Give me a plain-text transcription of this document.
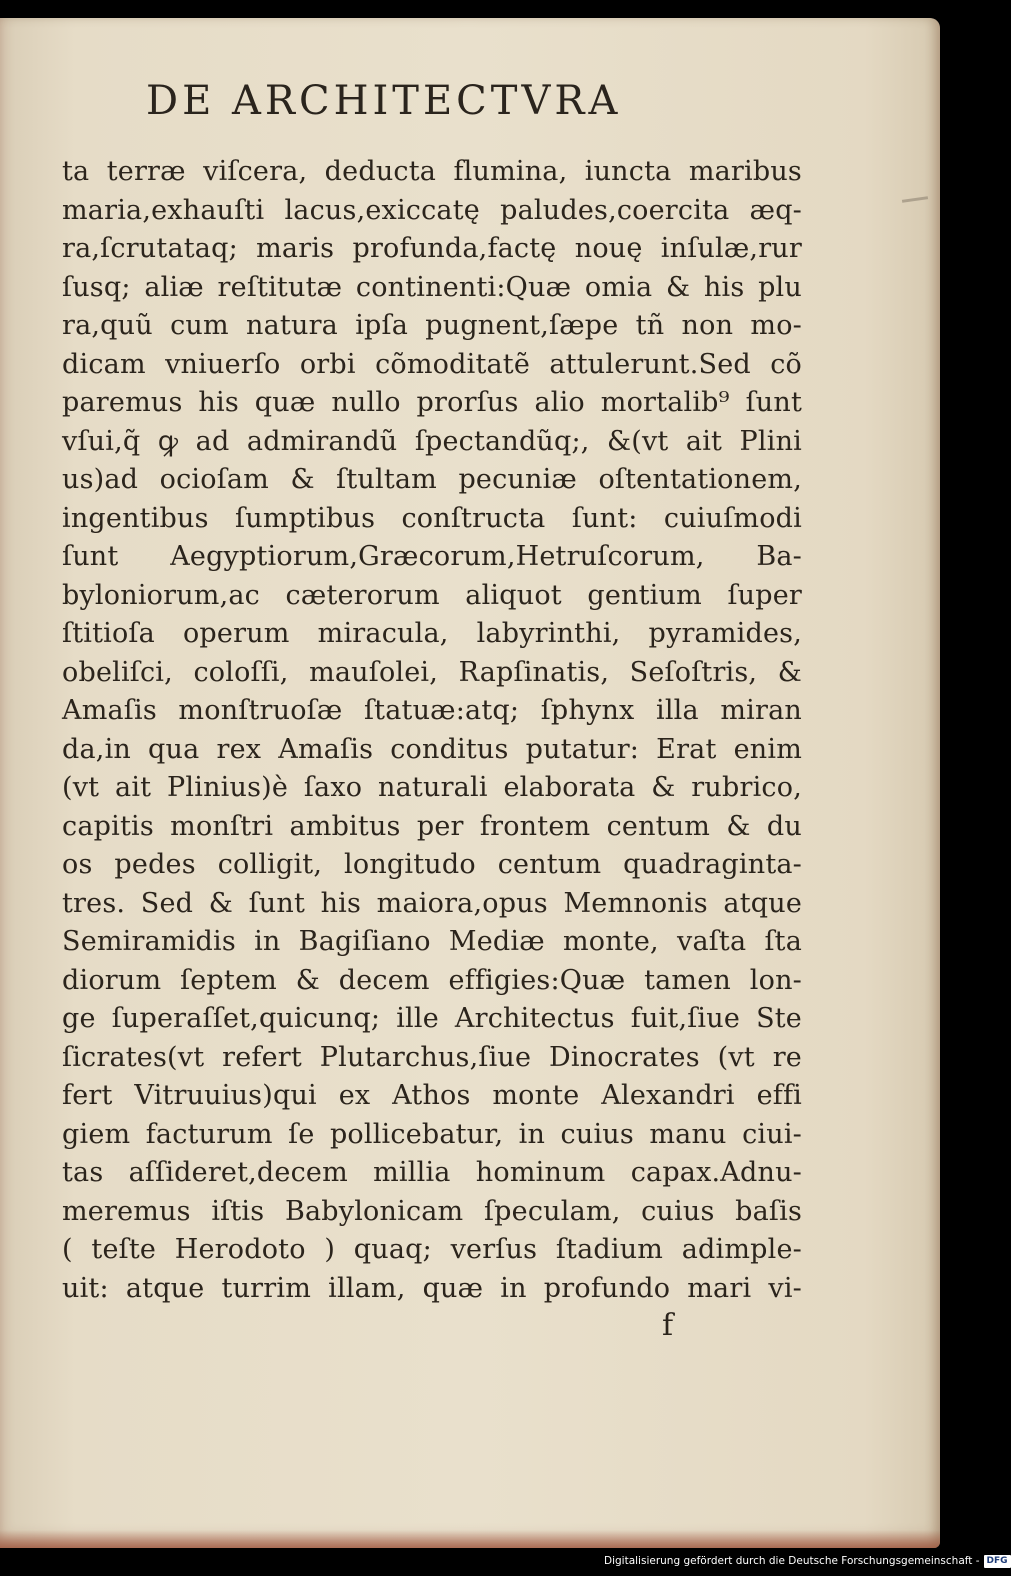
DE ARCHITECTVRA
ta terræ viſcera, deducta flumina, iuncta maribus
maria,exhauſti lacus,exiccatę paludes,coercita æq-
ra,ſcrutataq; maris profunda,factę nouę inſulæ,rur
ſusq; aliæ reſtitutæ continenti:Quæ omia & his plu
ra,quũ cum natura ipſa pugnent,ſæpe tñ non mo-
dicam vniuerſo orbi cõmoditatẽ attulerunt.Sed cõ
paremus his quæ nullo prorſus alio mortalib⁹ ſunt
vſui,q̃ ꝙ ad admirandũ ſpectandũq;, &(vt ait Plini
us)ad ocioſam & ſtultam pecuniæ oſtentationem,
ingentibus ſumptibus conſtructa ſunt: cuiuſmodi
ſunt Aegyptiorum,Græcorum,Hetruſcorum, Ba-
byloniorum,ac cæterorum aliquot gentium ſuper
ſtitioſa operum miracula, labyrinthi, pyramides,
obeliſci, coloſſi, mauſolei, Rapſinatis, Seſoſtris, &
Amaſis monſtruoſæ ſtatuæ:atq; ſphynx illa miran
da,in qua rex Amaſis conditus putatur: Erat enim
(vt ait Plinius)è ſaxo naturali elaborata & rubrico,
capitis monſtri ambitus per frontem centum & du
os pedes colligit, longitudo centum quadraginta-
tres. Sed & ſunt his maiora,opus Memnonis atque
Semiramidis in Bagiſiano Mediæ monte, vaſta ſta
diorum ſeptem & decem effigies:Quæ tamen lon-
ge ſuperaſſet,quicunq; ille Architectus fuit,ſiue Ste
ſicrates(vt refert Plutarchus,ſiue Dinocrates (vt re
fert Vitruuius)qui ex Athos monte Alexandri effi
giem facturum ſe pollicebatur, in cuius manu ciui-
tas aſſideret,decem millia hominum capax.Adnu-
meremus iſtis Babylonicam ſpeculam, cuius baſis
( teſte Herodoto ) quaq; verſus ſtadium adimple-
uit: atque turrim illam, quæ in profundo mari vi-
f
Digitalisierung gefördert durch die Deutsche Forschungsgemeinschaft - DFG
